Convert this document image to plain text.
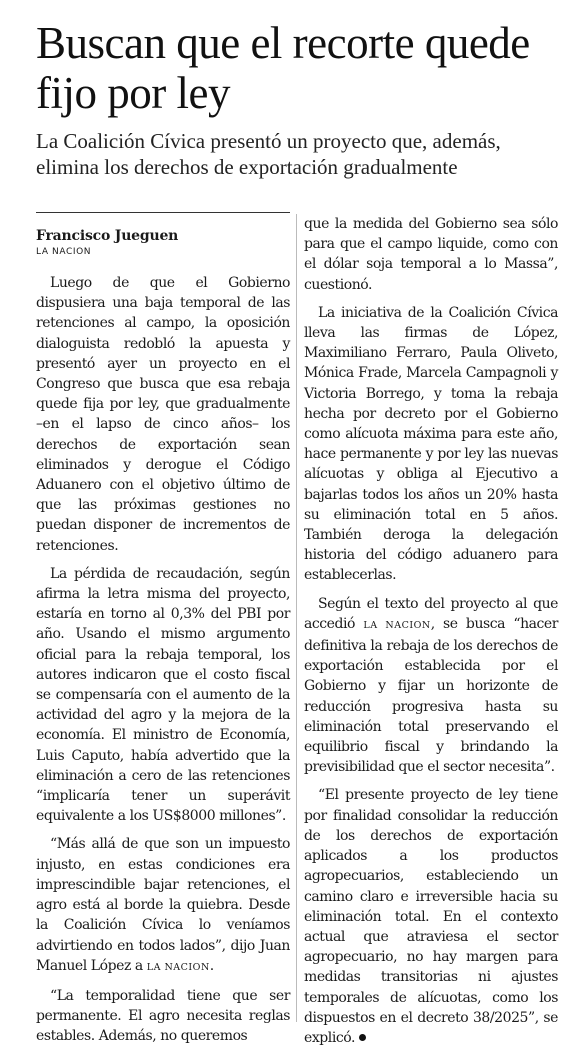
Buscan que el recorte quede fijo por ley

La Coalición Cívica presentó un proyecto que, además, elimina los derechos de exportación gradualmente

Francisco Jueguen
LA NACION

Luego de que el Gobierno dispusiera una baja temporal de las retenciones al campo, la oposición dialoguista redobló la apuesta y presentó ayer un proyecto en el Congreso que busca que esa rebaja quede fija por ley, que gradualmente –en el lapso de cinco años– los derechos de exportación sean eliminados y derogue el Código Aduanero con el objetivo último de que las próximas gestiones no puedan disponer de incrementos de retenciones.

La pérdida de recaudación, según afirma la letra misma del proyecto, estaría en torno al 0,3% del PBI por año. Usando el mismo argumento oficial para la rebaja temporal, los autores indicaron que el costo fiscal se compensaría con el aumento de la actividad del agro y la mejora de la economía. El ministro de Economía, Luis Caputo, había advertido que la eliminación a cero de las retenciones “implicaría tener un superávit equivalente a los US$8000 millones”.

“Más allá de que son un impuesto injusto, en estas condiciones era imprescindible bajar retenciones, el agro está al borde la quiebra. Desde la Coalición Cívica lo veníamos advirtiendo en todos lados”, dijo Juan Manuel López a LA NACION.

“La temporalidad tiene que ser permanente. El agro necesita reglas estables. Además, no queremos

que la medida del Gobierno sea sólo para que el campo liquide, como con el dólar soja temporal a lo Massa”, cuestionó.

La iniciativa de la Coalición Cívica lleva las firmas de López, Maximiliano Ferraro, Paula Oliveto, Mónica Frade, Marcela Campagnoli y Victoria Borrego, y toma la rebaja hecha por decreto por el Gobierno como alícuota máxima para este año, hace permanente y por ley las nuevas alícuotas y obliga al Ejecutivo a bajarlas todos los años un 20% hasta su eliminación total en 5 años. También deroga la delegación historia del código aduanero para establecerlas.

Según el texto del proyecto al que accedió LA NACION, se busca “hacer definitiva la rebaja de los derechos de exportación establecida por el Gobierno y fijar un horizonte de reducción progresiva hasta su eliminación total preservando el equilibrio fiscal y brindando la previsibilidad que el sector necesita”.

“El presente proyecto de ley tiene por finalidad consolidar la reducción de los derechos de exportación aplicados a los productos agropecuarios, estableciendo un camino claro e irreversible hacia su eliminación total. En el contexto actual que atraviesa el sector agropecuario, no hay margen para medidas transitorias ni ajustes temporales de alícuotas, como los dispuestos en el decreto 38/2025”, se explicó.
